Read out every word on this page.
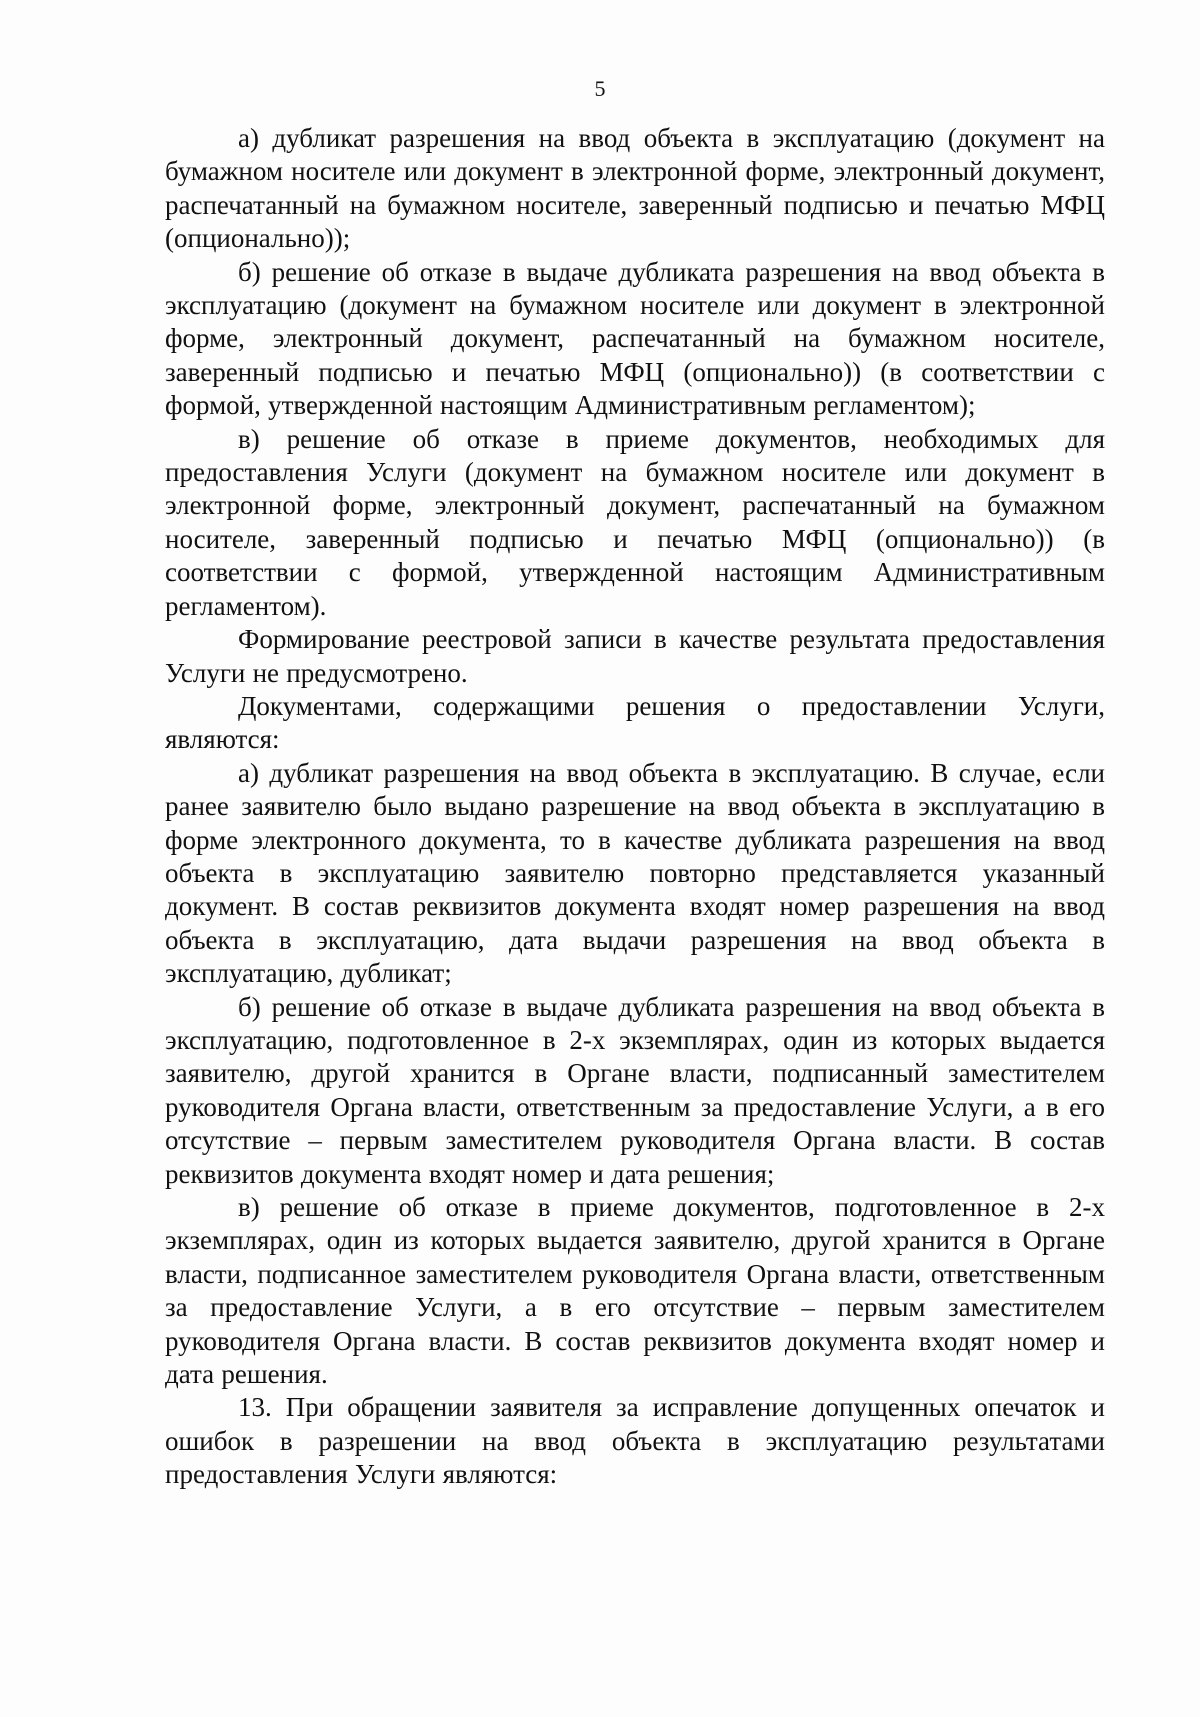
5

а) дубликат разрешения на ввод объекта в эксплуатацию (документ на бумажном носителе или документ в электронной форме, электронный документ, распечатанный на бумажном носителе, заверенный подписью и печатью МФЦ (опционально));

б) решение об отказе в выдаче дубликата разрешения на ввод объекта в эксплуатацию (документ на бумажном носителе или документ в электронной форме, электронный документ, распечатанный на бумажном носителе, заверенный подписью и печатью МФЦ (опционально)) (в соответствии с формой, утвержденной настоящим Административным регламентом);

в) решение об отказе в приеме документов, необходимых для предоставления Услуги (документ на бумажном носителе или документ в электронной форме, электронный документ, распечатанный на бумажном носителе, заверенный подписью и печатью МФЦ (опционально)) (в соответствии с формой, утвержденной настоящим Административным регламентом).

Формирование реестровой записи в качестве результата предоставления Услуги не предусмотрено.

Документами, содержащими решения о предоставлении Услуги, являются:

а) дубликат разрешения на ввод объекта в эксплуатацию. В случае, если ранее заявителю было выдано разрешение на ввод объекта в эксплуатацию в форме электронного документа, то в качестве дубликата разрешения на ввод объекта в эксплуатацию заявителю повторно представляется указанный документ. В состав реквизитов документа входят номер разрешения на ввод объекта в эксплуатацию, дата выдачи разрешения на ввод объекта в эксплуатацию, дубликат;

б) решение об отказе в выдаче дубликата разрешения на ввод объекта в эксплуатацию, подготовленное в 2-х экземплярах, один из которых выдается заявителю, другой хранится в Органе власти, подписанный заместителем руководителя Органа власти, ответственным за предоставление Услуги, а в его отсутствие – первым заместителем руководителя Органа власти. В состав реквизитов документа входят номер и дата решения;

в) решение об отказе в приеме документов, подготовленное в 2-х экземплярах, один из которых выдается заявителю, другой хранится в Органе власти, подписанное заместителем руководителя Органа власти, ответственным за предоставление Услуги, а в его отсутствие – первым заместителем руководителя Органа власти. В состав реквизитов документа входят номер и дата решения.

13. При обращении заявителя за исправление допущенных опечаток и ошибок в разрешении на ввод объекта в эксплуатацию результатами предоставления Услуги являются:
